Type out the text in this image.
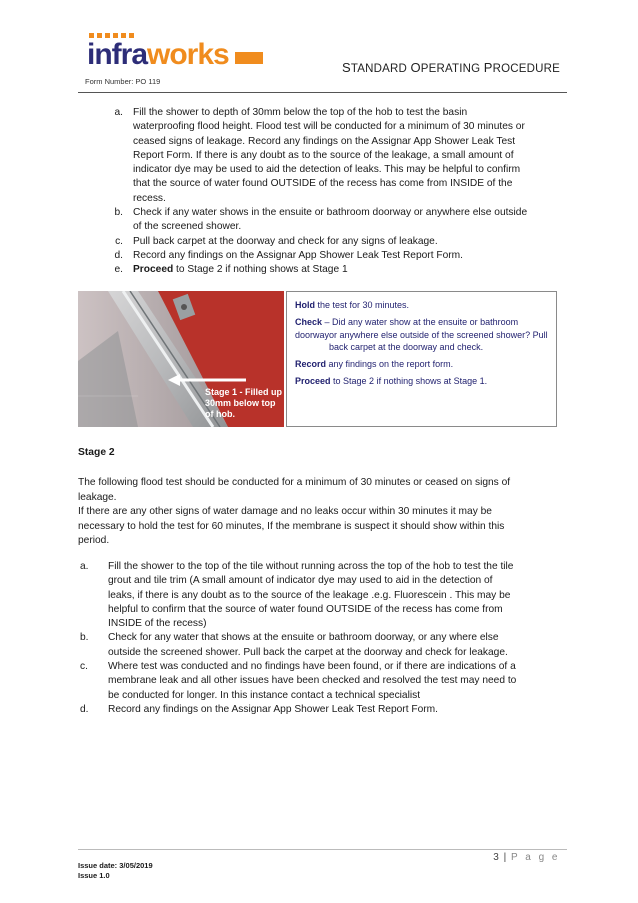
infraworks
Form Number: PO 119
STANDARD OPERATING PROCEDURE
a. Fill the shower to depth of 30mm below the top of the hob to test the basin
waterproofing flood height. Flood test will be conducted for a minimum of 30 minutes or
ceased signs of leakage. Record any findings on the Assignar App Shower Leak Test
Report Form. If there is any doubt as to the source of the leakage, a small amount of
indicator dye may be used to aid the detection of leaks. This may be helpful to confirm
that the source of water found OUTSIDE of the recess has come from INSIDE of the
recess.
b. Check if any water shows in the ensuite or bathroom doorway or anywhere else outside
of the screened shower.
c. Pull back carpet at the doorway and check for any signs of leakage.
d. Record any findings on the Assignar App Shower Leak Test Report Form.
e. Proceed to Stage 2 if nothing shows at Stage 1
Stage 1 - Filled up
30mm below top of hob.

Hold the test for 30 minutes.

Check – Did any water show at the ensuite or bathroom doorway or anywhere else outside of the screened shower? Pull

back carpet at the doorway and check.

Record any findings on the report form.

Proceed to Stage 2 if nothing shows at Stage 1.

Stage 2
The following flood test should be conducted for a minimum of 30 minutes or ceased on signs of
leakage.
If there are any other signs of water damage and no leaks occur within 30 minutes it may be
necessary to hold the test for 60 minutes, If the membrane is suspect it should show within this
period.
a.	Fill the shower to the top of the tile without running across the top of the hob to test the tile
grout and tile trim (A small amount of indicator dye may used to aid in the detection of
leaks, if there is any doubt as to the source of the leakage .e.g. Fluorescein . This may be
helpful to confirm that the source of water found OUTSIDE of the recess has come from
INSIDE of the recess)
b.	Check for any water that shows at the ensuite or bathroom doorway, or any where else
outside the screened shower. Pull back the carpet at the doorway and check for leakage.
c.	Where test was conducted and no findings have been found, or if there are indications of a
membrane leak and all other issues have been checked and resolved the test may need to
be conducted for longer. In this instance contact a technical specialist
d.	Record any findings on the Assignar App Shower Leak Test Report Form.
3 | P a g e
Issue date: 3/05/2019
Issue 1.0
